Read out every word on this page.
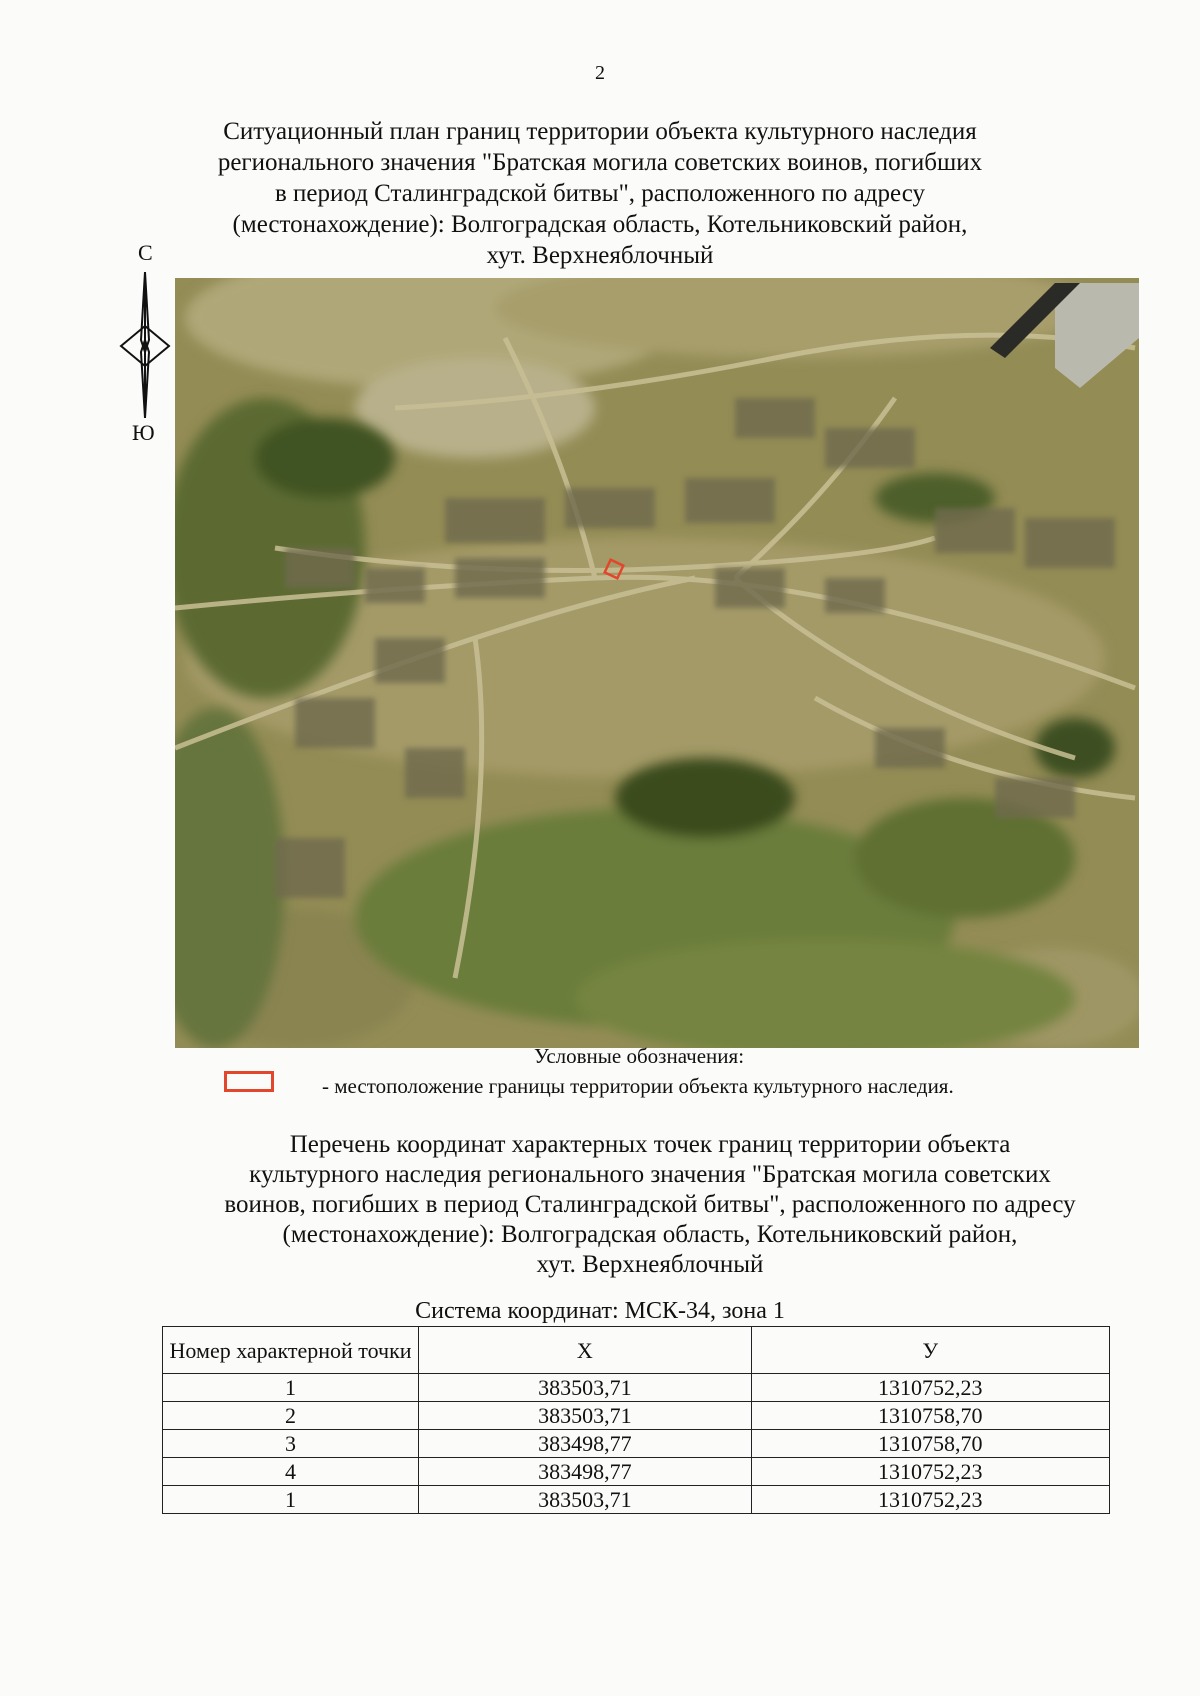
2
Ситуационный план границ территории объекта культурного наследия
регионального значения "Братская могила советских воинов, погибших
в период Сталинградской битвы", расположенного по адресу
(местонахождение): Волгоградская область, Котельниковский район,
хут. Верхнеяблочный
С
Ю
Условные обозначения:
- местоположение границы территории объекта культурного наследия.
Перечень координат характерных точек границ территории объекта
культурного наследия регионального значения "Братская могила советских
воинов, погибших в период Сталинградской битвы", расположенного по адресу
(местонахождение): Волгоградская область, Котельниковский район,
хут. Верхнеяблочный
Система координат: МСК-34, зона 1
Номер характерной точки	X	У
1	383503,71	1310752,23
2	383503,71	1310758,70
3	383498,77	1310758,70
4	383498,77	1310752,23
1	383503,71	1310752,23
